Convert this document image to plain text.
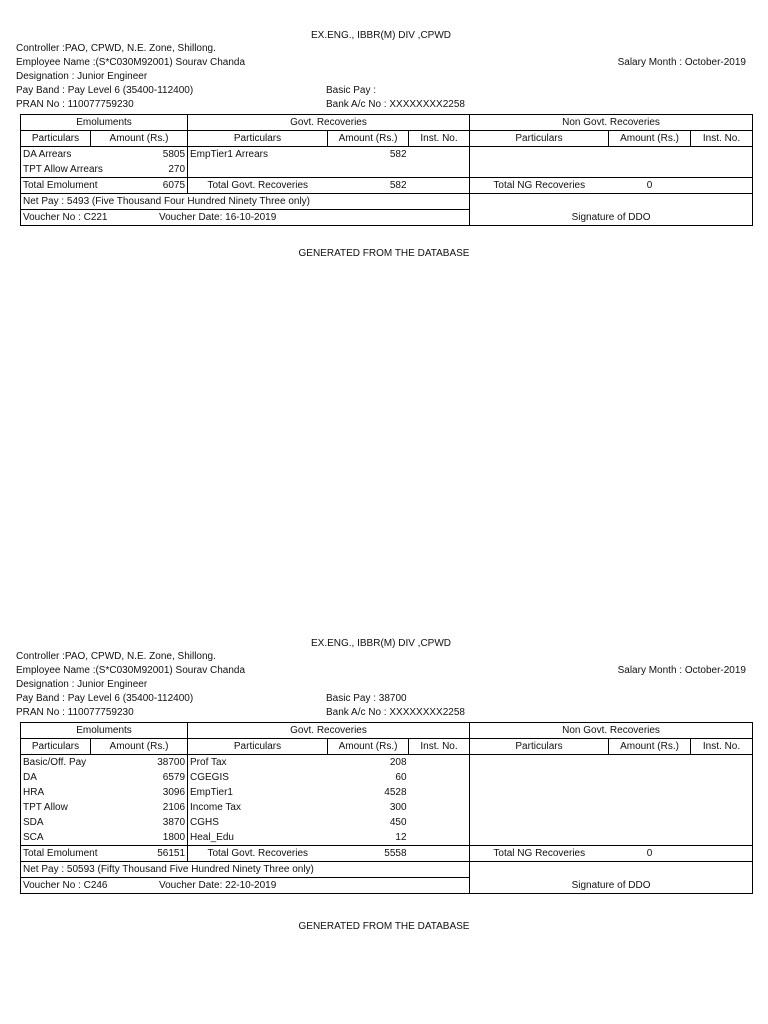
EX.ENG., IBBR(M) DIV ,CPWD
Controller :PAO, CPWD, N.E. Zone, Shillong.
Employee Name :(S*C030M92001) Sourav Chanda	Salary Month : October-2019
Designation : Junior Engineer
Pay Band : Pay Level 6 (35400-112400)	Basic Pay :
PRAN No : 110077759230	Bank A/c No : XXXXXXXX2258
Emoluments		Govt. Recoveries			Non Govt. Recoveries		
Particulars	Amount (Rs.)	Particulars	Amount (Rs.)	Inst. No.	Particulars	Amount (Rs.)	Inst. No.
DA Arrears	5805	EmpTier1 Arrears	582				
TPT Allow Arrears	270						
Total Emolument	6075	Total Govt. Recoveries	582		Total NG Recoveries	0	
Net Pay : 5493 (Five Thousand Four Hundred Ninety Three only)					Signature of DDO		
Voucher No : C221 Voucher Date: 16-10-2019							
GENERATED FROM THE DATABASE
EX.ENG., IBBR(M) DIV ,CPWD
Controller :PAO, CPWD, N.E. Zone, Shillong.
Employee Name :(S*C030M92001) Sourav Chanda	Salary Month : October-2019
Designation : Junior Engineer
Pay Band : Pay Level 6 (35400-112400)	Basic Pay : 38700
PRAN No : 110077759230	Bank A/c No : XXXXXXXX2258
Emoluments		Govt. Recoveries			Non Govt. Recoveries		
Particulars	Amount (Rs.)	Particulars	Amount (Rs.)	Inst. No.	Particulars	Amount (Rs.)	Inst. No.
Basic/Off. Pay	38700	Prof Tax	208				
DA	6579	CGEGIS	60				
HRA	3096	EmpTier1	4528				
TPT Allow	2106	Income Tax	300				
SDA	3870	CGHS	450				
SCA	1800	Heal_Edu	12				
Total Emolument	56151	Total Govt. Recoveries	5558		Total NG Recoveries	0	
Net Pay : 50593 (Fifty Thousand Five Hundred Ninety Three only)					Signature of DDO		
Voucher No : C246 Voucher Date: 22-10-2019							
GENERATED FROM THE DATABASE
